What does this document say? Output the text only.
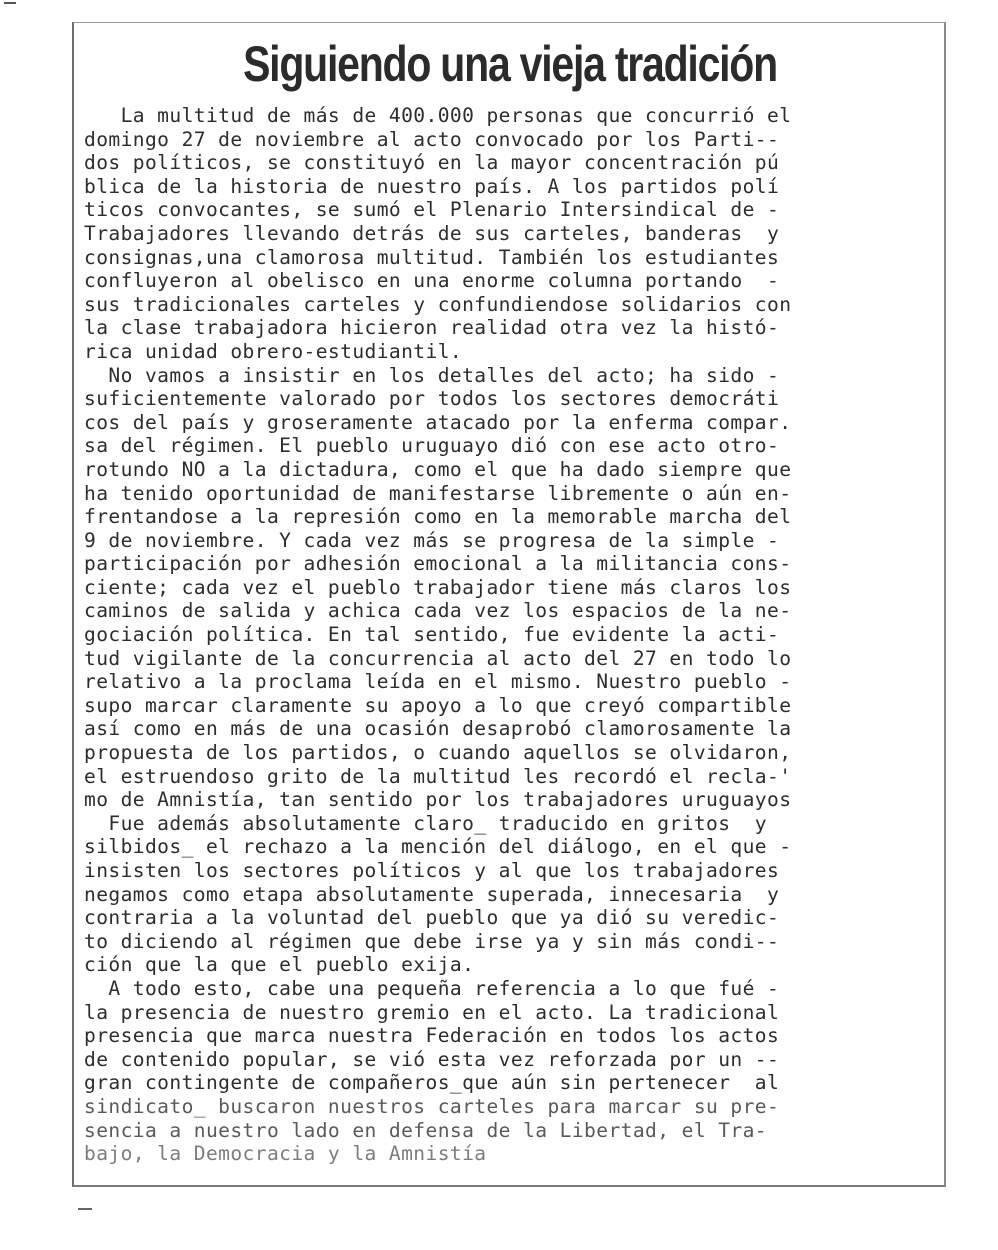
Siguiendo una vieja tradición
La multitud de más de 400.000 personas que concurrió el
domingo 27 de noviembre al acto convocado por los Parti--
dos políticos, se constituyó en la mayor concentración pú
blica de la historia de nuestro país. A los partidos polí
ticos convocantes, se sumó el Plenario Intersindical de -
Trabajadores llevando detrás de sus carteles, banderas  y
consignas,una clamorosa multitud. También los estudiantes
confluyeron al obelisco en una enorme columna portando  -
sus tradicionales carteles y confundiendose solidarios con
la clase trabajadora hicieron realidad otra vez la histó-
rica unidad obrero-estudiantil.
No vamos a insistir en los detalles del acto; ha sido -
suficientemente valorado por todos los sectores democráti
cos del país y groseramente atacado por la enferma compar.
sa del régimen. El pueblo uruguayo dió con ese acto otro-
rotundo NO a la dictadura, como el que ha dado siempre que
ha tenido oportunidad de manifestarse libremente o aún en-
frentandose a la represión como en la memorable marcha del
9 de noviembre. Y cada vez más se progresa de la simple -
participación por adhesión emocional a la militancia cons-
ciente; cada vez el pueblo trabajador tiene más claros los
caminos de salida y achica cada vez los espacios de la ne-
gociación política. En tal sentido, fue evidente la acti-
tud vigilante de la concurrencia al acto del 27 en todo lo
relativo a la proclama leída en el mismo. Nuestro pueblo -
supo marcar claramente su apoyo a lo que creyó compartible
así como en más de una ocasión desaprobó clamorosamente la
propuesta de los partidos, o cuando aquellos se olvidaron,
el estruendoso grito de la multitud les recordó el recla-'
mo de Amnistía, tan sentido por los trabajadores uruguayos
Fue además absolutamente claro_ traducido en gritos  y
silbidos_ el rechazo a la mención del diálogo, en el que -
insisten los sectores políticos y al que los trabajadores
negamos como etapa absolutamente superada, innecesaria  y
contraria a la voluntad del pueblo que ya dió su veredic-
to diciendo al régimen que debe irse ya y sin más condi--
ción que la que el pueblo exija.
A todo esto, cabe una pequeña referencia a lo que fué -
la presencia de nuestro gremio en el acto. La tradicional
presencia que marca nuestra Federación en todos los actos
de contenido popular, se vió esta vez reforzada por un --
gran contingente de compañeros_que aún sin pertenecer  al
sindicato_ buscaron nuestros carteles para marcar su pre-
sencia a nuestro lado en defensa de la Libertad, el Tra-
bajo, la Democracia y la Amnistía
